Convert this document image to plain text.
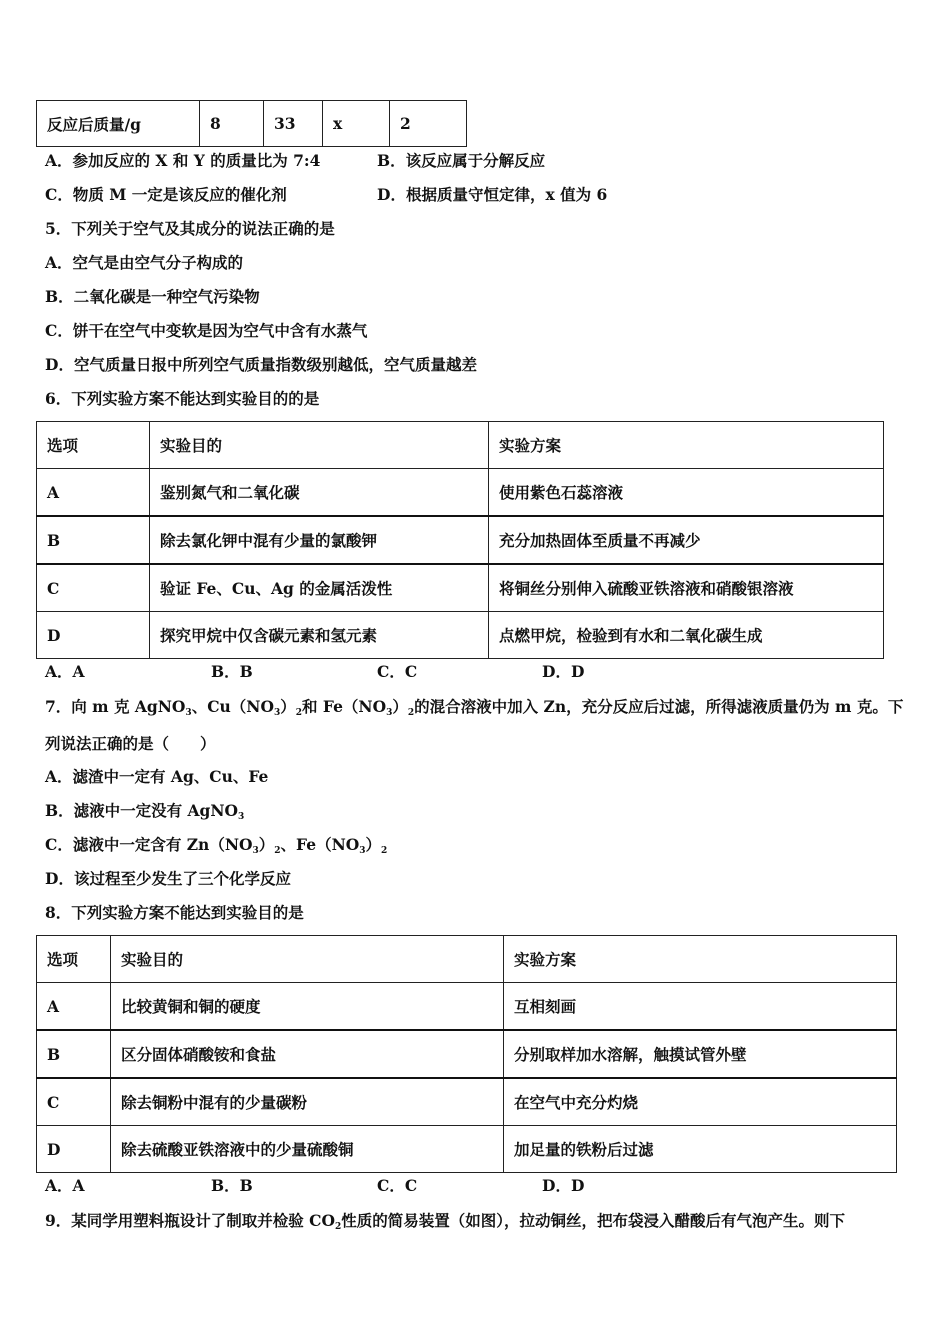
反应后质量/g	8	33	x	2
A．参加反应的 X 和 Y 的质量比为 7:4	B．该反应属于分解反应
C．物质 M 一定是该反应的催化剂	D．根据质量守恒定律，x 值为 6
5．下列关于空气及其成分的说法正确的是
A．空气是由空气分子构成的
B．二氧化碳是一种空气污染物
C．饼干在空气中变软是因为空气中含有水蒸气
D．空气质量日报中所列空气质量指数级别越低，空气质量越差
6．下列实验方案不能达到实验目的的是
选项	实验目的	实验方案
A	鉴别氮气和二氧化碳	使用紫色石蕊溶液
B	除去氯化钾中混有少量的氯酸钾	充分加热固体至质量不再减少
C	验证 Fe、Cu、Ag 的金属活泼性	将铜丝分别伸入硫酸亚铁溶液和硝酸银溶液
D	探究甲烷中仅含碳元素和氢元素	点燃甲烷，检验到有水和二氧化碳生成
A．A	B．B	C．C	D．D
7．向 m 克 AgNO$_3$、$Cu(NO_3)_2$和 $Fe(NO_3)_2$的混合溶液中加入 Zn，充分反应后过滤，所得滤液质量仍为 m 克。下
列说法正确的是（　　）
A．滤渣中一定有 Ag、Cu、Fe
B．滤液中一定没有 AgNO$_3$
C．滤液中一定含有 $Zn(NO_3)_2$、$Fe(NO_3)_2$
D．该过程至少发生了三个化学反应
8．下列实验方案不能达到实验目的是
选项	实验目的	实验方案
A	比较黄铜和铜的硬度	互相刻画
B	区分固体硝酸铵和食盐	分别取样加水溶解，触摸试管外壁
C	除去铜粉中混有的少量碳粉	在空气中充分灼烧
D	除去硫酸亚铁溶液中的少量硫酸铜	加足量的铁粉后过滤
A．A	B．B	C．C	D．D
9．某同学用塑料瓶设计了制取并检验 $CO_2$性质的简易装置（如图），拉动铜丝，把布袋浸入醋酸后有气泡产生。则下
